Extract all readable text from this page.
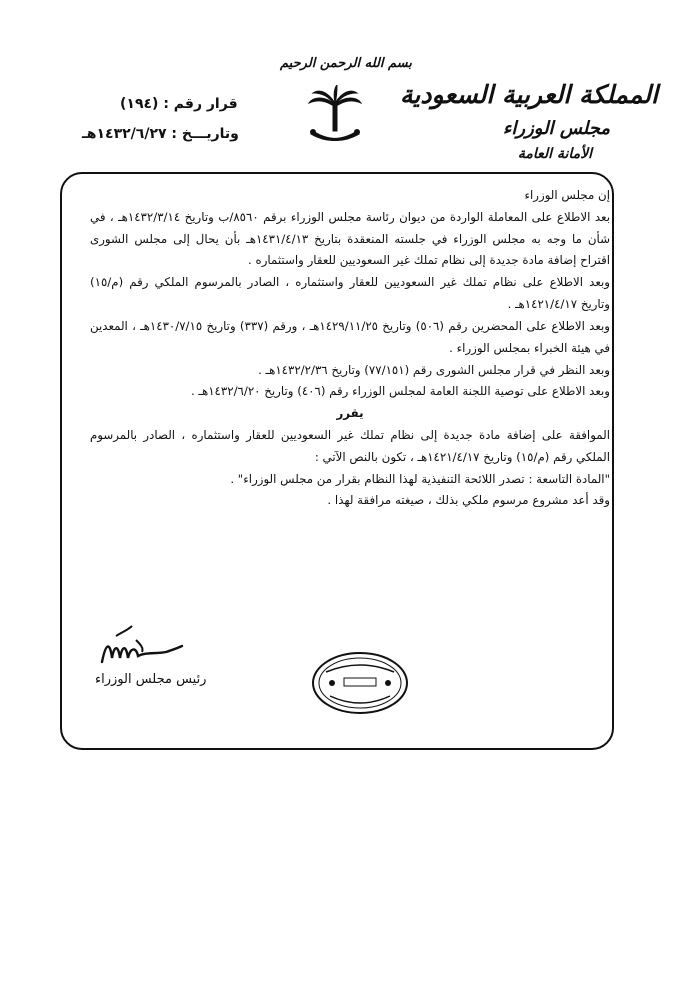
بسم الله الرحمن الرحيم
المملكة العربية السعودية
مجلس الوزراء
الأمانة العامة
قرار رقم : (١٩٤)
وتاريـــخ : ١٤٣٢/٦/٢٧هـ

إن مجلس الوزراء

بعد الاطلاع على المعاملة الواردة من ديوان رئاسة مجلس الوزراء برقم ٨٥٦٠/ب وتاريخ ١٤٣٢/٣/١٤هـ ، في شأن ما وجه به مجلس الوزراء في جلسته المنعقدة بتاريخ ١٤٣١/٤/١٣هـ بأن يحال إلى مجلس الشورى اقتراح إضافة مادة جديدة إلى نظام تملك غير السعوديين للعقار واستثماره .

وبعد الاطلاع على نظام تملك غير السعوديين للعقار واستثماره ، الصادر بالمرسوم الملكي رقم (م/١٥) وتاريخ ١٤٢١/٤/١٧هـ .

وبعد الاطلاع على المحضرين رقم (٥٠٦) وتاريخ ١٤٢٩/١١/٢٥هـ ، ورقم (٣٣٧) وتاريخ ١٤٣٠/٧/١٥هـ ، المعدين في هيئة الخبراء بمجلس الوزراء .

وبعد النظر في قرار مجلس الشورى رقم (٧٧/١٥١) وتاريخ ١٤٣٢/٢/٣٦هـ .

وبعد الاطلاع على توصية اللجنة العامة لمجلس الوزراء رقم (٤٠٦) وتاريخ ١٤٣٢/٦/٢٠هـ .

يقرر

الموافقة على إضافة مادة جديدة إلى نظام تملك غير السعوديين للعقار واستثماره ، الصادر بالمرسوم الملكي رقم (م/١٥) وتاريخ ١٤٢١/٤/١٧هـ ، تكون بالنص الآتي :

"المادة التاسعة : تصدر اللائحة التنفيذية لهذا النظام بقرار من مجلس الوزراء" .

وقد أعد مشروع مرسوم ملكي بذلك ، صيغته مرافقة لهذا .

رئيس مجلس الوزراء
